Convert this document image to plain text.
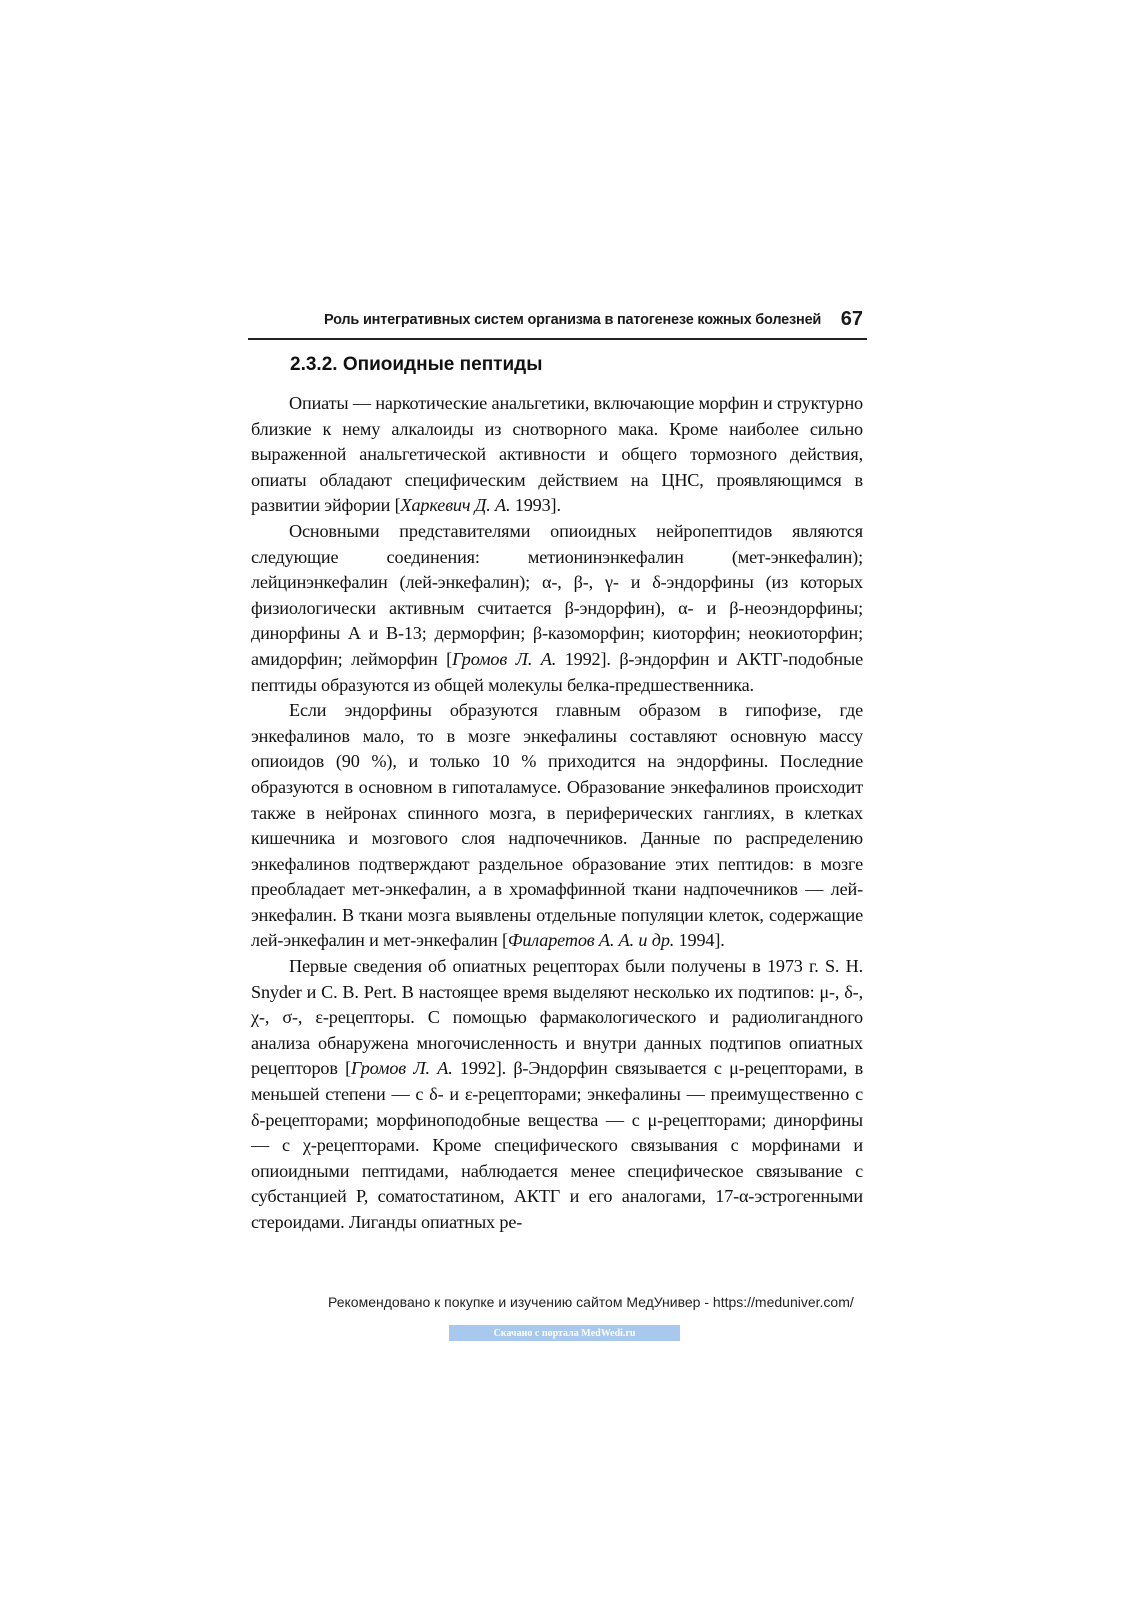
Роль интегративных систем организма в патогенезе кожных болезней 67
2.3.2. Опиоидные пептиды

Опиаты — наркотические анальгетики, включающие морфин и структурно близкие к нему алкалоиды из снотворного мака. Кроме наиболее сильно выраженной анальгетической активности и общего тормозного действия, опиаты обладают специфическим действием на ЦНС, проявляющимся в развитии эйфории [Харкевич Д. А. 1993].

Основными представителями опиоидных нейропептидов являются следующие соединения: метионинэнкефалин (мет-энкефалин); лейцинэнкефалин (лей-энкефалин); α-, β-, γ- и δ-эндорфины (из которых физиологически активным считается β-эндорфин), α- и β-неоэндорфины; динорфины А и В-13; дерморфин; β-казоморфин; киоторфин; неокиоторфин; амидорфин; лейморфин [Громов Л. А. 1992]. β-эндорфин и АКТГ-подобные пептиды образуются из общей молекулы белка-предшественника.

Если эндорфины образуются главным образом в гипофизе, где энкефалинов мало, то в мозге энкефалины составляют основную массу опиоидов (90 %), и только 10 % приходится на эндорфины. Последние образуются в основном в гипоталамусе. Образование энкефалинов происходит также в нейронах спинного мозга, в периферических ганглиях, в клетках кишечника и мозгового слоя надпочечников. Данные по распределению энкефалинов подтверждают раздельное образование этих пептидов: в мозге преобладает мет-энкефалин, а в хромаффинной ткани надпочечников — лей-энкефалин. В ткани мозга выявлены отдельные популяции клеток, содержащие лей-энкефалин и мет-энкефалин [Филаретов А. А. и др. 1994].

Первые сведения об опиатных рецепторах были получены в 1973 г. S. H. Snyder и C. B. Pert. В настоящее время выделяют несколько их подтипов: μ-, δ-, χ-, σ-, ε-рецепторы. С помощью фармакологического и радиолигандного анализа обнаружена многочисленность и внутри данных подтипов опиатных рецепторов [Громов Л. А. 1992]. β-Эндорфин связывается с μ-рецепторами, в меньшей степени — с δ- и ε-рецепторами; энкефалины — преимущественно с δ-рецепторами; морфиноподобные вещества — с μ-рецепторами; динорфины — с χ-рецепторами. Кроме специфического связывания с морфинами и опиоидными пептидами, наблюдается менее специфическое связывание с субстанцией Р, соматостатином, АКТГ и его аналогами, 17-α-эстрогенными стероидами. Лиганды опиатных ре-

Рекомендовано к покупке и изучению сайтом МедУнивер - https://meduniver.com/
Скачано с портала MedWedi.ru
